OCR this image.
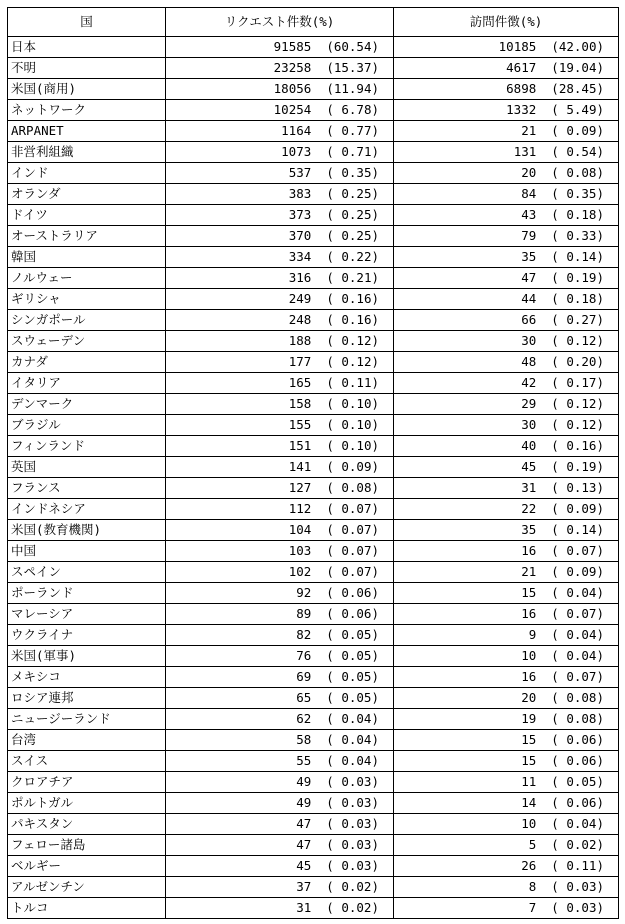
国	リクエスト件数(%)	訪問件徴(%)
日本	91585  (60.54)	10185  (42.00)
不明	23258  (15.37)	4617  (19.04)
米国(商用)	18056  (11.94)	6898  (28.45)
ネットワーク	10254  ( 6.78)	1332  ( 5.49)
ARPANET	1164  ( 0.77)	21  ( 0.09)
非営利組織	1073  ( 0.71)	131  ( 0.54)
インド	537  ( 0.35)	20  ( 0.08)
オランダ	383  ( 0.25)	84  ( 0.35)
ドイツ	373  ( 0.25)	43  ( 0.18)
オーストラリア	370  ( 0.25)	79  ( 0.33)
韓国	334  ( 0.22)	35  ( 0.14)
ノルウェー	316  ( 0.21)	47  ( 0.19)
ギリシャ	249  ( 0.16)	44  ( 0.18)
シンガポール	248  ( 0.16)	66  ( 0.27)
スウェーデン	188  ( 0.12)	30  ( 0.12)
カナダ	177  ( 0.12)	48  ( 0.20)
イタリア	165  ( 0.11)	42  ( 0.17)
デンマーク	158  ( 0.10)	29  ( 0.12)
ブラジル	155  ( 0.10)	30  ( 0.12)
フィンランド	151  ( 0.10)	40  ( 0.16)
英国	141  ( 0.09)	45  ( 0.19)
フランス	127  ( 0.08)	31  ( 0.13)
インドネシア	112  ( 0.07)	22  ( 0.09)
米国(教育機関)	104  ( 0.07)	35  ( 0.14)
中国	103  ( 0.07)	16  ( 0.07)
スペイン	102  ( 0.07)	21  ( 0.09)
ポーランド	92  ( 0.06)	15  ( 0.04)
マレーシア	89  ( 0.06)	16  ( 0.07)
ウクライナ	82  ( 0.05)	9  ( 0.04)
米国(軍事)	76  ( 0.05)	10  ( 0.04)
メキシコ	69  ( 0.05)	16  ( 0.07)
ロシア連邦	65  ( 0.05)	20  ( 0.08)
ニュージーランド	62  ( 0.04)	19  ( 0.08)
台湾	58  ( 0.04)	15  ( 0.06)
スイス	55  ( 0.04)	15  ( 0.06)
クロアチア	49  ( 0.03)	11  ( 0.05)
ポルトガル	49  ( 0.03)	14  ( 0.06)
パキスタン	47  ( 0.03)	10  ( 0.04)
フェロー諸島	47  ( 0.03)	5  ( 0.02)
ベルギー	45  ( 0.03)	26  ( 0.11)
アルゼンチン	37  ( 0.02)	8  ( 0.03)
トルコ	31  ( 0.02)	7  ( 0.03)
